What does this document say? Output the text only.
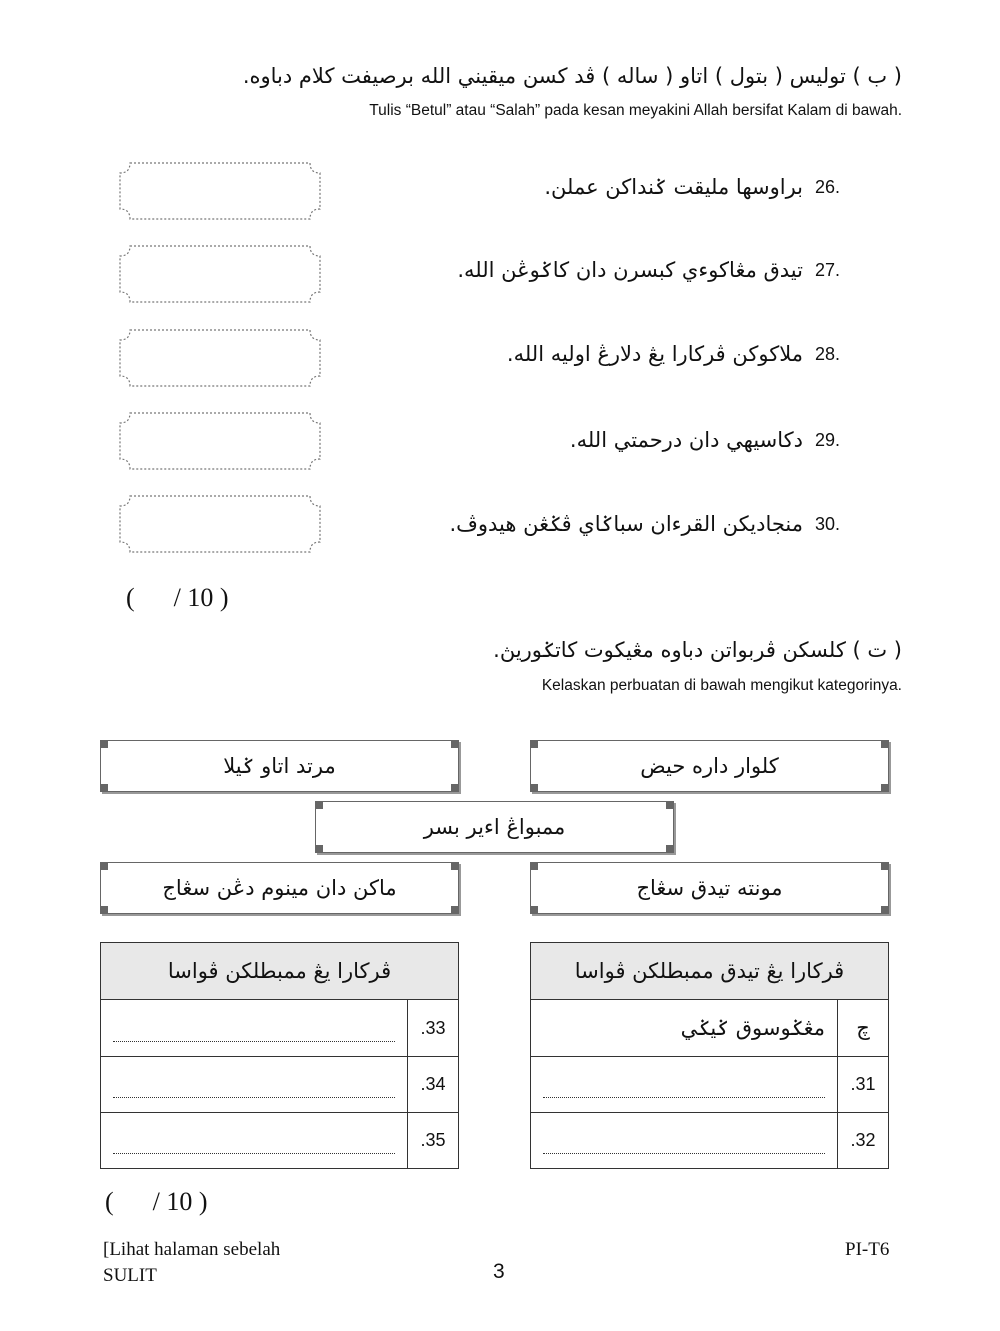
( ب ) توليس ( بتول ) اتاو ( ساله ) ڤد كسن ميقيني الله برصيفت كلام دباوه.
Tulis “Betul” atau “Salah” pada kesan meyakini Allah bersifat Kalam di bawah.
26.
براوسها مليقت ݢنداكن عملن.
27.
تيدق مڠاكوءي كبسرن دان كاݢوڠن الله.
28.
ملاكوكن ڤركارا يڠ دلارڠ اوليه الله.
29.
دكاسيهي دان درحمتي الله.
30.
منجاديكن القرءان سباݢاي ڤݢڠن هيدوڤ.
(      / 10 )
( ت ) كلسكن ڤربواتن دباوه مڠيكوت كاتݢوريڽ.
Kelaskan perbuatan di bawah mengikut kategorinya.
مرتد اتاو ݢيلا	كلوار داره حيض
ممبواڠ اءير بسر
ماكن دان مينوم دڠن سڠاج	مونته تيدق سڠاج
ڤركارا يڠ ممبطلكن ڤواسا	

	.33

	.34

	.35
ڤركارا يڠ تيدق ممبطلكن ڤواسا	
مڠݢوسوق ݢيݢي	چ

	.31

	.32
(      / 10 )
[Lihat halaman sebelah
SULIT	3
PI-T6
